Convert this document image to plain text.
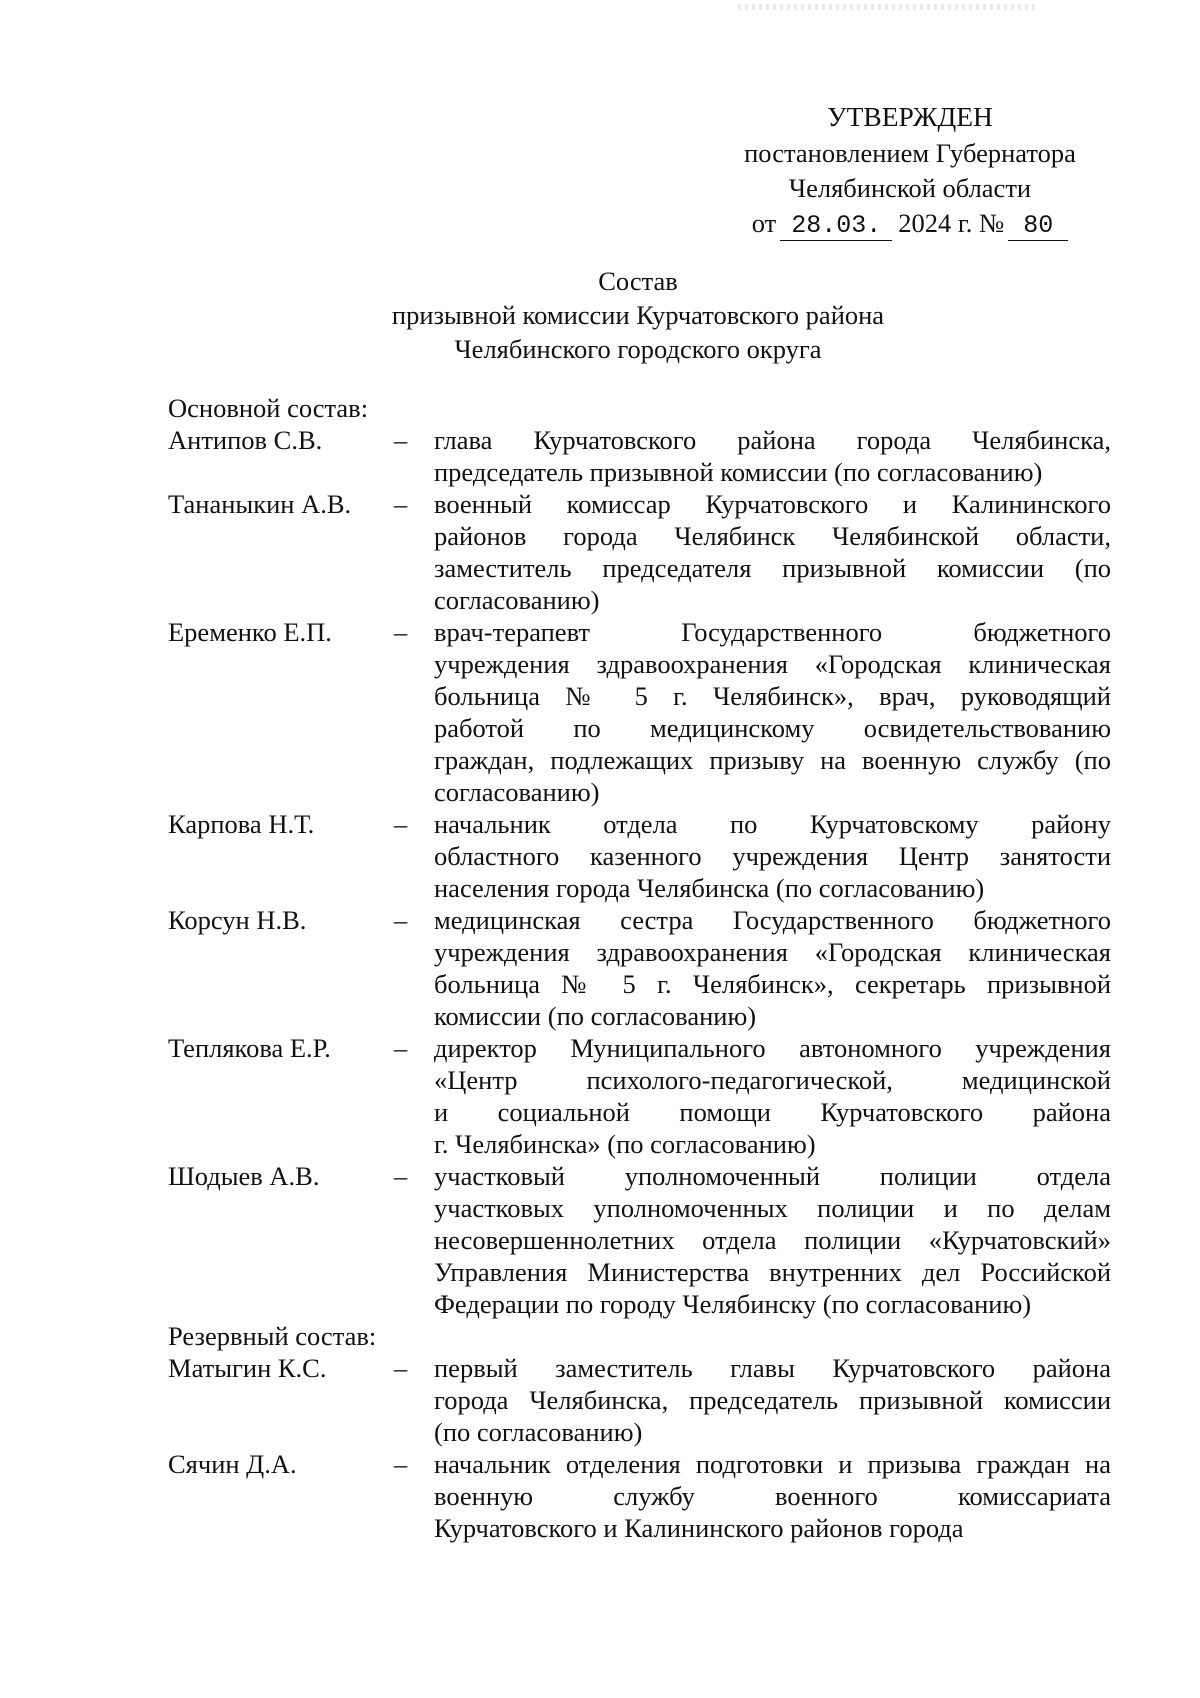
УТВЕРЖДЕН
постановлением Губернатора
Челябинской области
от 28.03. 2024 г. № 80
Состав
призывной комиссии Курчатовского района
Челябинского городского округа
Основной состав:
Антипов С.В.	–	глава Курчатовского района города Челябинска,
председатель призывной комиссии (по согласованию)
Тананыкин А.В.	–	военный комиссар Курчатовского и Калининского
районов города Челябинск Челябинской области,
заместитель председателя призывной комиссии (по
согласованию)
Еременко Е.П.	–	врач-терапевт Государственного бюджетного
учреждения здравоохранения «Городская клиническая
больница № 5 г. Челябинск», врач, руководящий
работой по медицинскому освидетельствованию
граждан, подлежащих призыву на военную службу (по
согласованию)
Карпова Н.Т.	–	начальник отдела по Курчатовскому району
областного казенного учреждения Центр занятости
населения города Челябинска (по согласованию)
Корсун Н.В.	–	медицинская сестра Государственного бюджетного
учреждения здравоохранения «Городская клиническая
больница № 5 г. Челябинск», секретарь призывной
комиссии (по согласованию)
Теплякова Е.Р.	–	директор Муниципального автономного учреждения
«Центр психолого-педагогической, медицинской
и социальной помощи Курчатовского района
г. Челябинска» (по согласованию)
Шодыев А.В.	–	участковый уполномоченный полиции отдела
участковых уполномоченных полиции и по делам
несовершеннолетних отдела полиции «Курчатовский»
Управления Министерства внутренних дел Российской
Федерации по городу Челябинску (по согласованию)
Резервный состав:
Матыгин К.С.	–	первый заместитель главы Курчатовского района
города Челябинска, председатель призывной комиссии
(по согласованию)
Сячин Д.А.	–	начальник отделения подготовки и призыва граждан на
военную службу военного комиссариата
Курчатовского и Калининского районов города
